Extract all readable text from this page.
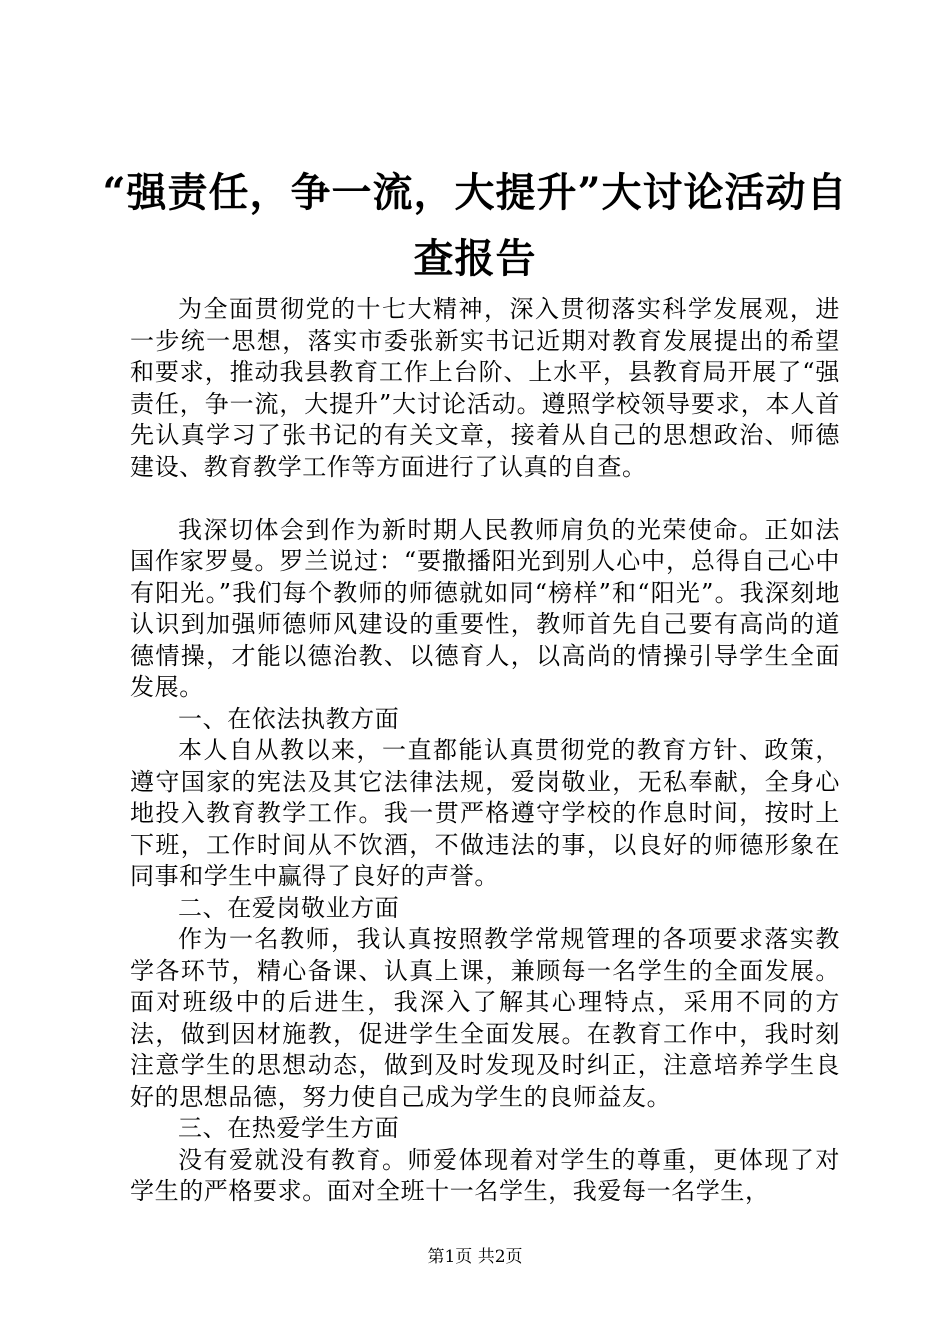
“强责任，争一流，大提升”大讨论活动自查报告

为全面贯彻党的十七大精神，深入贯彻落实科学发展观，进一步统一思想，落实市委张新实书记近期对教育发展提出的希望和要求，推动我县教育工作上台阶、上水平，县教育局开展了“强责任，争一流，大提升”大讨论活动。遵照学校领导要求，本人首先认真学习了张书记的有关文章，接着从自己的思想政治、师德建设、教育教学工作等方面进行了认真的自查。

我深切体会到作为新时期人民教师肩负的光荣使命。正如法国作家罗曼。罗兰说过：“要撒播阳光到别人心中，总得自己心中有阳光。”我们每个教师的师德就如同“榜样”和“阳光”。我深刻地认识到加强师德师风建设的重要性，教师首先自己要有高尚的道德情操，才能以德治教、以德育人，以高尚的情操引导学生全面发展。

一、在依法执教方面

本人自从教以来，一直都能认真贯彻党的教育方针、政策，遵守国家的宪法及其它法律法规，爱岗敬业，无私奉献，全身心地投入教育教学工作。我一贯严格遵守学校的作息时间，按时上下班，工作时间从不饮酒，不做违法的事，以良好的师德形象在同事和学生中赢得了良好的声誉。

二、在爱岗敬业方面

作为一名教师，我认真按照教学常规管理的各项要求落实教学各环节，精心备课、认真上课，兼顾每一名学生的全面发展。面对班级中的后进生，我深入了解其心理特点，采用不同的方法，做到因材施教，促进学生全面发展。在教育工作中，我时刻注意学生的思想动态，做到及时发现及时纠正，注意培养学生良好的思想品德，努力使自己成为学生的良师益友。

三、在热爱学生方面

没有爱就没有教育。师爱体现着对学生的尊重，更体现了对学生的严格要求。面对全班十一名学生，我爱每一名学生，

第1页 共2页
